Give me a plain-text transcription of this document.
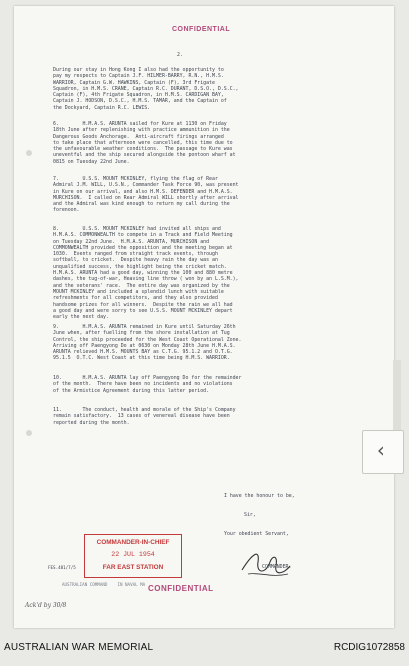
‹
CONFIDENTIAL
2.
During our stay in Hong Kong I also had the opportunity to
pay my respects to Captain J.F. HILMER-BARRY, R.N., H.M.S.
WARRIOR, Captain G.W. HAWKINS, Captain (F), 3rd Frigate
Squadron, in H.M.S. CRANE, Captain R.C. DURANT, D.S.O., D.S.C.,
Captain (F), 4th Frigate Squadron, in H.M.S. CARDIGAN BAY,
Captain J. HODSON, D.S.C., H.M.S. TAMAR, and the Captain of
the Dockyard, Captain R.C. LEWIS.
6.        H.M.A.S. ARUNTA sailed for Kure at 1130 on Friday
18th June after replenishing with practice ammunition in the
Dangerous Goods Anchorage.  Anti-aircraft firings arranged
to take place that afternoon were cancelled, this time due to
the unfavourable weather conditions.  The passage to Kure was
uneventful and the ship secured alongside the pontoon wharf at
0815 on Tuesday 22nd June.
7.        U.S.S. MOUNT MCKINLEY, flying the flag of Rear
Admiral J.M. WILL, U.S.N., Commander Task Force 90, was present
in Kure on our arrival, and also H.M.S. DEFENDER and H.M.A.S.
MURCHISON.  I called on Rear Admiral WILL shortly after arrival
and the Admiral was kind enough to return my call during the
forenoon.
8.        U.S.S. MOUNT MCKINLEY had invited all ships and
H.M.A.S. COMMONWEALTH to compete in a Track and Field Meeting
on Tuesday 22nd June.  H.M.A.S. ARUNTA, MURCHISON and
COMMONWEALTH provided the opposition and the meeting began at
1030.  Events ranged from straight track events, through
softball, to cricket.  Despite heavy rain the day was an
unqualified success, the highlight being the cricket match.
H.M.A.S. ARUNTA had a good day, winning the 100 and 880 metre
dashes, the tug-of-war, Heaving line throw ( won by an L.S.M.),
and the veterans' race.  The entire day was organized by the
MOUNT MCKINLEY and included a splendid lunch with suitable
refreshments for all competitors, and they also provided
handsome prizes for all winners.  Despite the rain we all had
a good day and were sorry to see U.S.S. MOUNT MCKINLEY depart
early the next day.
9.        H.M.A.S. ARUNTA remained in Kure until Saturday 26th
June when, after fuelling from the shore installation at Tug
Control, the ship proceeded for the West Coast Operational Zone.
Arriving off Paengyong Do at 0630 on Monday 28th June H.M.A.S.
ARUNTA relieved H.M.S. MOUNTS BAY as C.T.G. 95.1.2 and O.T.G.
95.1.5  O.T.C. West Coast at this time being H.M.S. WARRIOR.
10.       H.M.A.S. ARUNTA lay off Paengyong Do for the remainder
of the month.  There have been no incidents and no violations
of the Armistice Agreement during this latter period.
11.       The conduct, health and morale of the Ship's Company
remain satisfactory.  13 cases of venereal disease have been
reported during the month.
I have the honour to be,
Sir,
Your obedient Servant,
COMMANDER.
COMMANDER-IN-CHIEF
22 JUL 1954
FAR EAST STATION
FES.481/7/5
AUSTRALIAN COMMAND    IN NAVAL MA CONFIDENTIAL
Ack'd by 30/8
AUSTRALIAN WAR MEMORIAL	RCDIG1072858
